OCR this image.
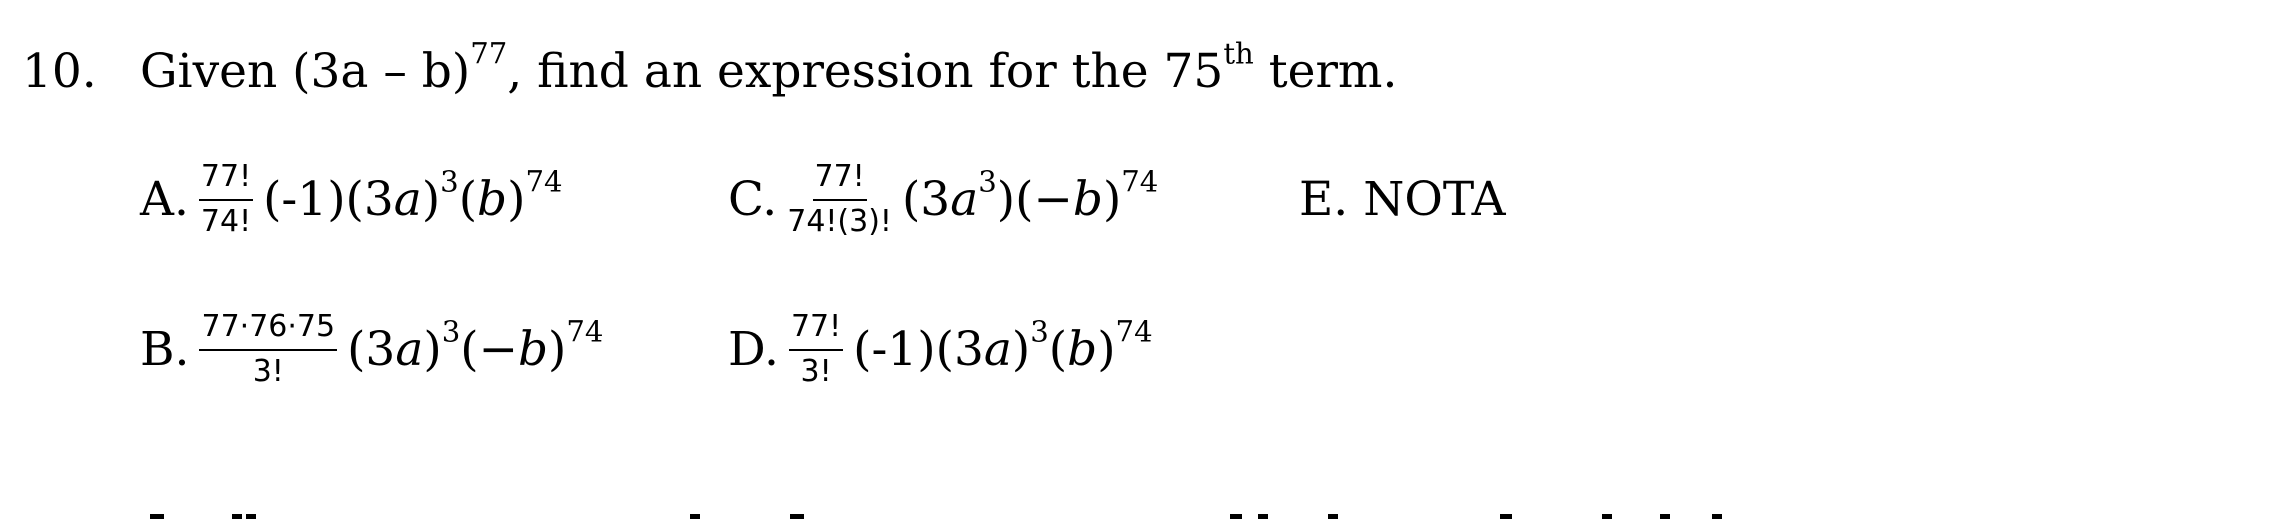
10. Given (3a – b)$^{77}$, find an expression for the 75th term.
A. $\frac{77!}{74!} (-1)(3a)^3(b)^{74}$	C. $\frac{77!}{74!(3)!} (3a^3)(-b)^{74}$	E. NOTA
B. $\frac{77\cdot 76\cdot 75}{3!} (3a)^3(-b)^{74}$	D. $\frac{77!}{3!} (-1)(3a)^3(b)^{74}$
